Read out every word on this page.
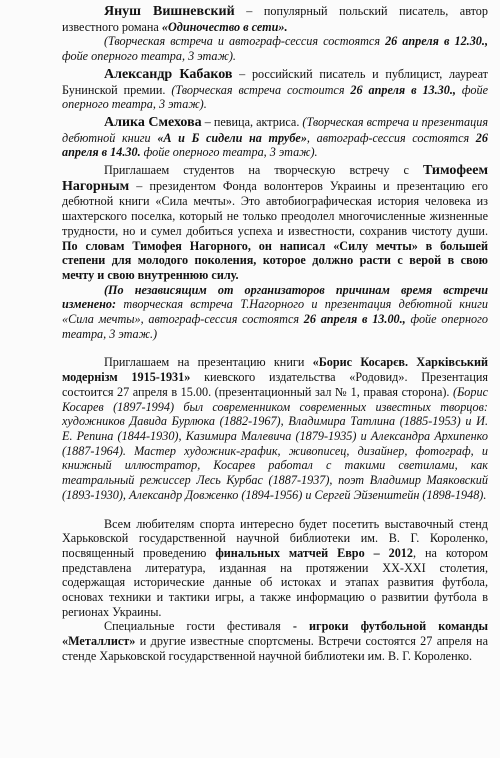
Януш Вишневский – популярный польский писатель, автор известного романа «Одиночество в сети».

(Творческая встреча и автограф-сессия состоятся 26 апреля в 12.30., фойе оперного театра, 3 этаж).

Александр Кабаков – российский писатель и публицист, лауреат Бунинской премии. (Творческая встреча состоится 26 апреля в 13.30., фойе оперного театра, 3 этаж).

Алика Смехова – певица, актриса. (Творческая встреча и презентация дебютной книги «А и Б сидели на трубе», автограф-сессия состоятся 26 апреля в 14.30. фойе оперного театра, 3 этаж).

Приглашаем студентов на творческую встречу с Тимофеем Нагорным – президентом Фонда волонтеров Украины и презентацию его дебютной книги «Сила мечты». Это автобиографическая история человека из шахтерского поселка, который не только преодолел многочисленные жизненные трудности, но и сумел добиться успеха и известности, сохранив чистоту души. По словам Тимофея Нагорного, он написал «Силу мечты» в большей степени для молодого поколения, которое должно расти с верой в свою мечту и свою внутреннюю силу.

(По независящим от организаторов причинам время встречи изменено: творческая встреча Т.Нагорного и презентация дебютной книги «Сила мечты», автограф-сессия состоятся 26 апреля в 13.00., фойе оперного театра, 3 этаж.)

Приглашаем на презентацию книги «Борис Косарєв. Харківський модернізм 1915-1931» киевского издательства «Родовид». Презентация состоится 27 апреля в 15.00. (презентационный зал № 1, правая сторона). (Борис Косарев (1897-1994) был современником современных известных творцов: художников Давида Бурлюка (1882-1967), Владимира Татлина (1885-1953) и И. Е. Репина (1844-1930), Казимира Малевича (1879-1935) и Александра Архипенко (1887-1964). Мастер художник-график, живописец, дизайнер, фотограф, и книжный иллюстратор, Косарев работал с такими светилами, как театральный режиссер Лесь Курбас (1887-1937), поэт Владимир Маяковский (1893-1930), Александр Довженко (1894-1956) и Сергей Эйзенштейн (1898-1948).

Всем любителям спорта интересно будет посетить выставочный стенд Харьковской государственной научной библиотеки им. В. Г. Короленко, посвященный проведению финальных матчей Евро – 2012, на котором представлена литература, изданная на протяжении XX-XXI столетия, содержащая исторические данные об истоках и этапах развития футбола, основах техники и тактики игры, а также информацию о развитии футбола в регионах Украины.

Специальные гости фестиваля - игроки футбольной команды «Металлист» и другие известные спортсмены. Встречи состоятся 27 апреля на стенде Харьковской государственной научной библиотеки им. В. Г. Короленко.
